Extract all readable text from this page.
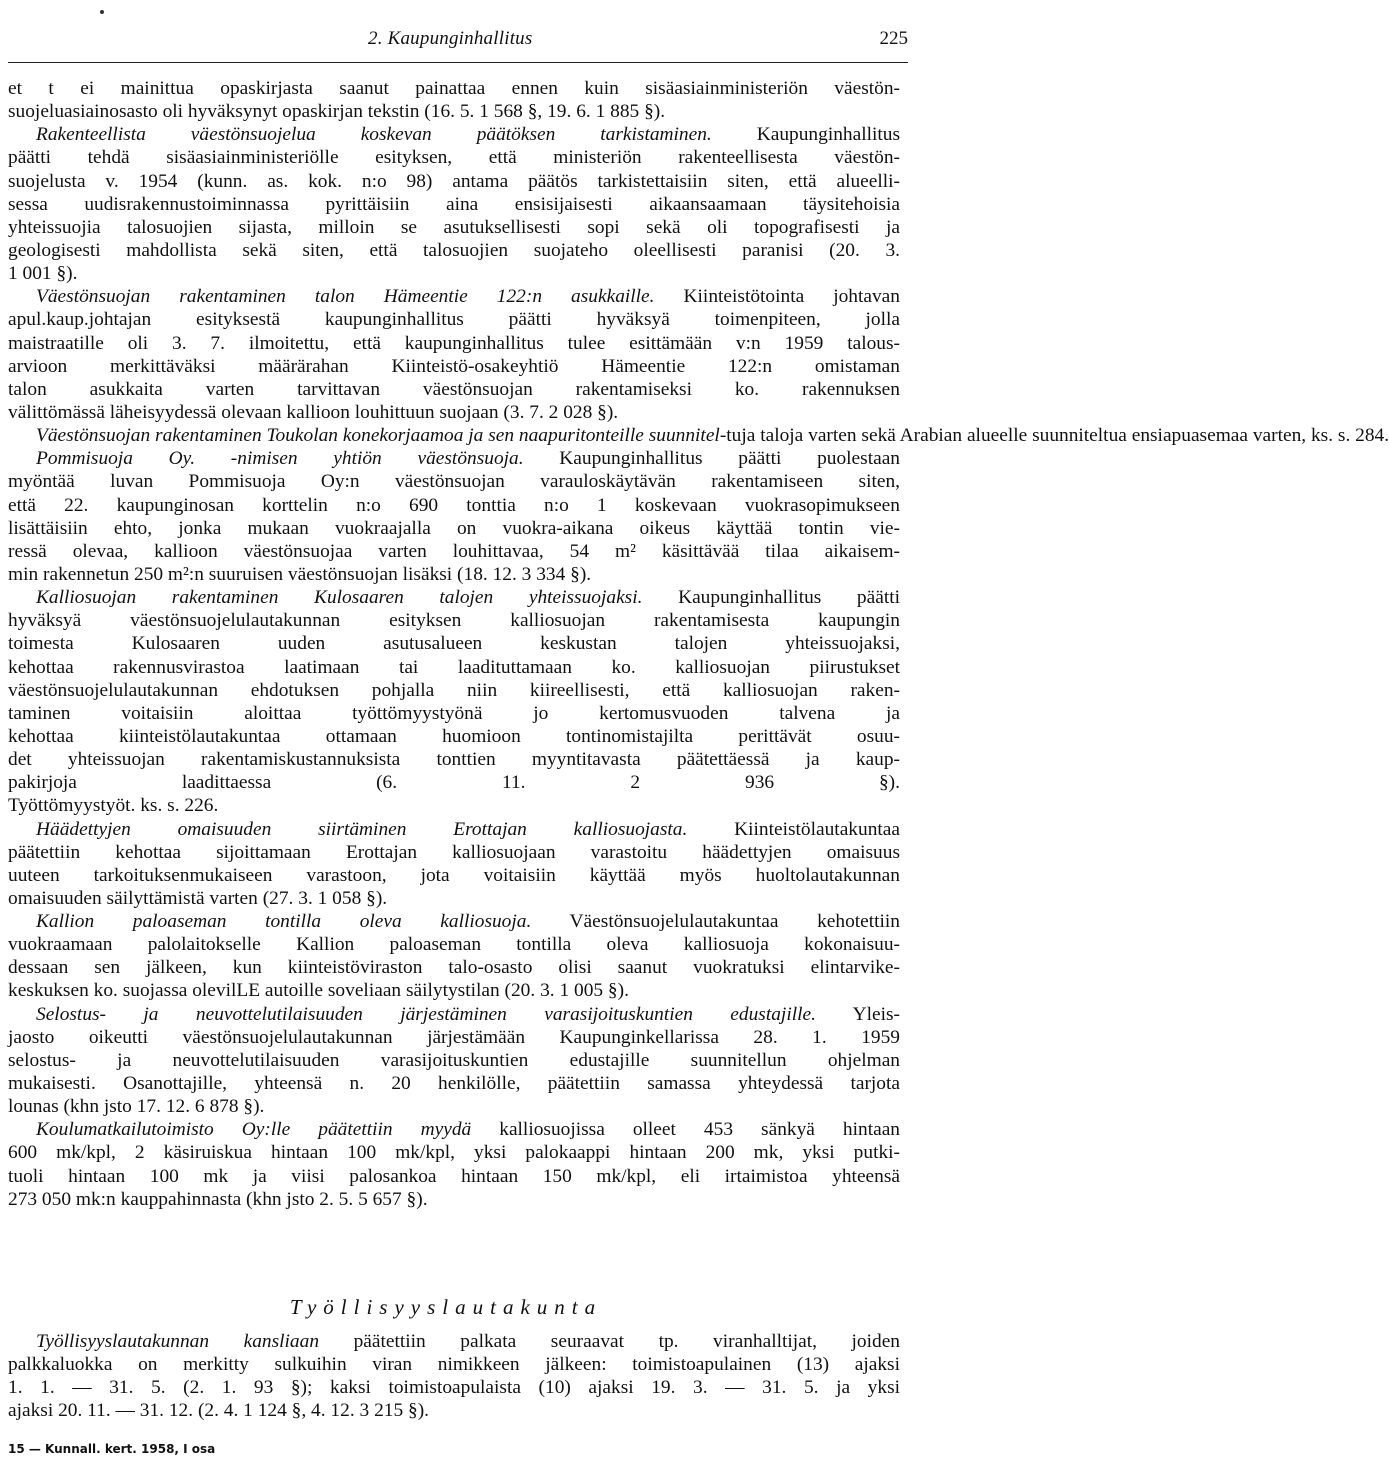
2. Kaupunginhallitus	225
et t ei mainittua opaskirjasta saanut painattaa ennen kuin sisäasiainministeriön väestön-
suojeluasiainosasto oli hyväksynyt opaskirjan tekstin (16. 5. 1 568 §, 19. 6. 1 885 §).
Rakenteellista väestönsuojelua koskevan päätöksen tarkistaminen. Kaupunginhallitus
päätti tehdä sisäasiainministeriölle esityksen, että ministeriön rakenteellisesta väestön-
suojelusta v. 1954 (kunn. as. kok. n:o 98) antama päätös tarkistettaisiin siten, että alueelli-
sessa uudisrakennustoiminnassa pyrittäisiin aina ensisijaisesti aikaansaamaan täysitehoisia
yhteissuojia talosuojien sijasta, milloin se asutuksellisesti sopi sekä oli topografisesti ja
geologisesti mahdollista sekä siten, että talosuojien suojateho oleellisesti paranisi (20. 3.
1 001 §).
Väestönsuojan rakentaminen talon Hämeentie 122:n asukkaille. Kiinteistötointa johtavan
apul.kaup.johtajan esityksestä kaupunginhallitus päätti hyväksyä toimenpiteen, jolla
maistraatille oli 3. 7. ilmoitettu, että kaupunginhallitus tulee esittämään v:n 1959 talous-
arvioon merkittäväksi määrärahan Kiinteistö-osakeyhtiö Hämeentie 122:n omistaman
talon asukkaita varten tarvittavan väestönsuojan rakentamiseksi ko. rakennuksen
välittömässä läheisyydessä olevaan kallioon louhittuun suojaan (3. 7. 2 028 §).
Väestönsuojan rakentaminen Toukolan konekorjaamoa ja sen naapuritonteille suunnitel-tuja taloja varten sekä Arabian alueelle suunniteltua ensiapuasemaa varten, ks. s. 284.
Pommisuoja Oy. -nimisen yhtiön väestönsuoja. Kaupunginhallitus päätti puolestaan
myöntää luvan Pommisuoja Oy:n väestönsuojan varauloskäytävän rakentamiseen siten,
että 22. kaupunginosan korttelin n:o 690 tonttia n:o 1 koskevaan vuokrasopimukseen
lisättäisiin ehto, jonka mukaan vuokraajalla on vuokra-aikana oikeus käyttää tontin vie-
ressä olevaa, kallioon väestönsuojaa varten louhittavaa, 54 m² käsittävää tilaa aikaisem-
min rakennetun 250 m²:n suuruisen väestönsuojan lisäksi (18. 12. 3 334 §).
Kalliosuojan rakentaminen Kulosaaren talojen yhteissuojaksi. Kaupunginhallitus päätti
hyväksyä väestönsuojelulautakunnan esityksen kalliosuojan rakentamisesta kaupungin
toimesta Kulosaaren uuden asutusalueen keskustan talojen yhteissuojaksi,
kehottaa rakennusvirastoa laatimaan tai laadituttamaan ko. kalliosuojan piirustukset
väestönsuojelulautakunnan ehdotuksen pohjalla niin kiireellisesti, että kalliosuojan raken-
taminen voitaisiin aloittaa työttömyystyönä jo kertomusvuoden talvena ja
kehottaa kiinteistölautakuntaa ottamaan huomioon tontinomistajilta perittävät osuu-
det yhteissuojan rakentamiskustannuksista tonttien myyntitavasta päätettäessä ja kaup-
pakirjoja laadittaessa (6. 11. 2 936 §).
Työttömyystyöt. ks. s. 226.
Häädettyjen omaisuuden siirtäminen Erottajan kalliosuojasta. Kiinteistölautakuntaa
päätettiin kehottaa sijoittamaan Erottajan kalliosuojaan varastoitu häädettyjen omaisuus
uuteen tarkoituksenmukaiseen varastoon, jota voitaisiin käyttää myös huoltolautakunnan
omaisuuden säilyttämistä varten (27. 3. 1 058 §).
Kallion paloaseman tontilla oleva kalliosuoja. Väestönsuojelulautakuntaa kehotettiin
vuokraamaan palolaitokselle Kallion paloaseman tontilla oleva kalliosuoja kokonaisuu-
dessaan sen jälkeen, kun kiinteistöviraston talo-osasto olisi saanut vuokratuksi elintarvike-
keskuksen ko. suojassa olevilLE autoille soveliaan säilytystilan (20. 3. 1 005 §).
Selostus- ja neuvottelutilaisuuden järjestäminen varasijoituskuntien edustajille. Yleis-
jaosto oikeutti väestönsuojelulautakunnan järjestämään Kaupunginkellarissa 28. 1. 1959
selostus- ja neuvottelutilaisuuden varasijoituskuntien edustajille suunnitellun ohjelman
mukaisesti. Osanottajille, yhteensä n. 20 henkilölle, päätettiin samassa yhteydessä tarjota
lounas (khn jsto 17. 12. 6 878 §).
Koulumatkailutoimisto Oy:lle päätettiin myydä kalliosuojissa olleet 453 sänkyä hintaan
600 mk/kpl, 2 käsiruiskua hintaan 100 mk/kpl, yksi palokaappi hintaan 200 mk, yksi putki-
tuoli hintaan 100 mk ja viisi palosankoa hintaan 150 mk/kpl, eli irtaimistoa yhteensä
273 050 mk:n kauppahinnasta (khn jsto 2. 5. 5 657 §).
Työllisyyslautakunta
Työllisyyslautakunnan kansliaan päätettiin palkata seuraavat tp. viranhalltijat, joiden
palkkaluokka on merkitty sulkuihin viran nimikkeen jälkeen: toimistoapulainen (13) ajaksi
1. 1. — 31. 5. (2. 1. 93 §); kaksi toimistoapulaista (10) ajaksi 19. 3. — 31. 5. ja yksi
ajaksi 20. 11. — 31. 12. (2. 4. 1 124 §, 4. 12. 3 215 §).
15 — Kunnall. kert. 1958, I osa
